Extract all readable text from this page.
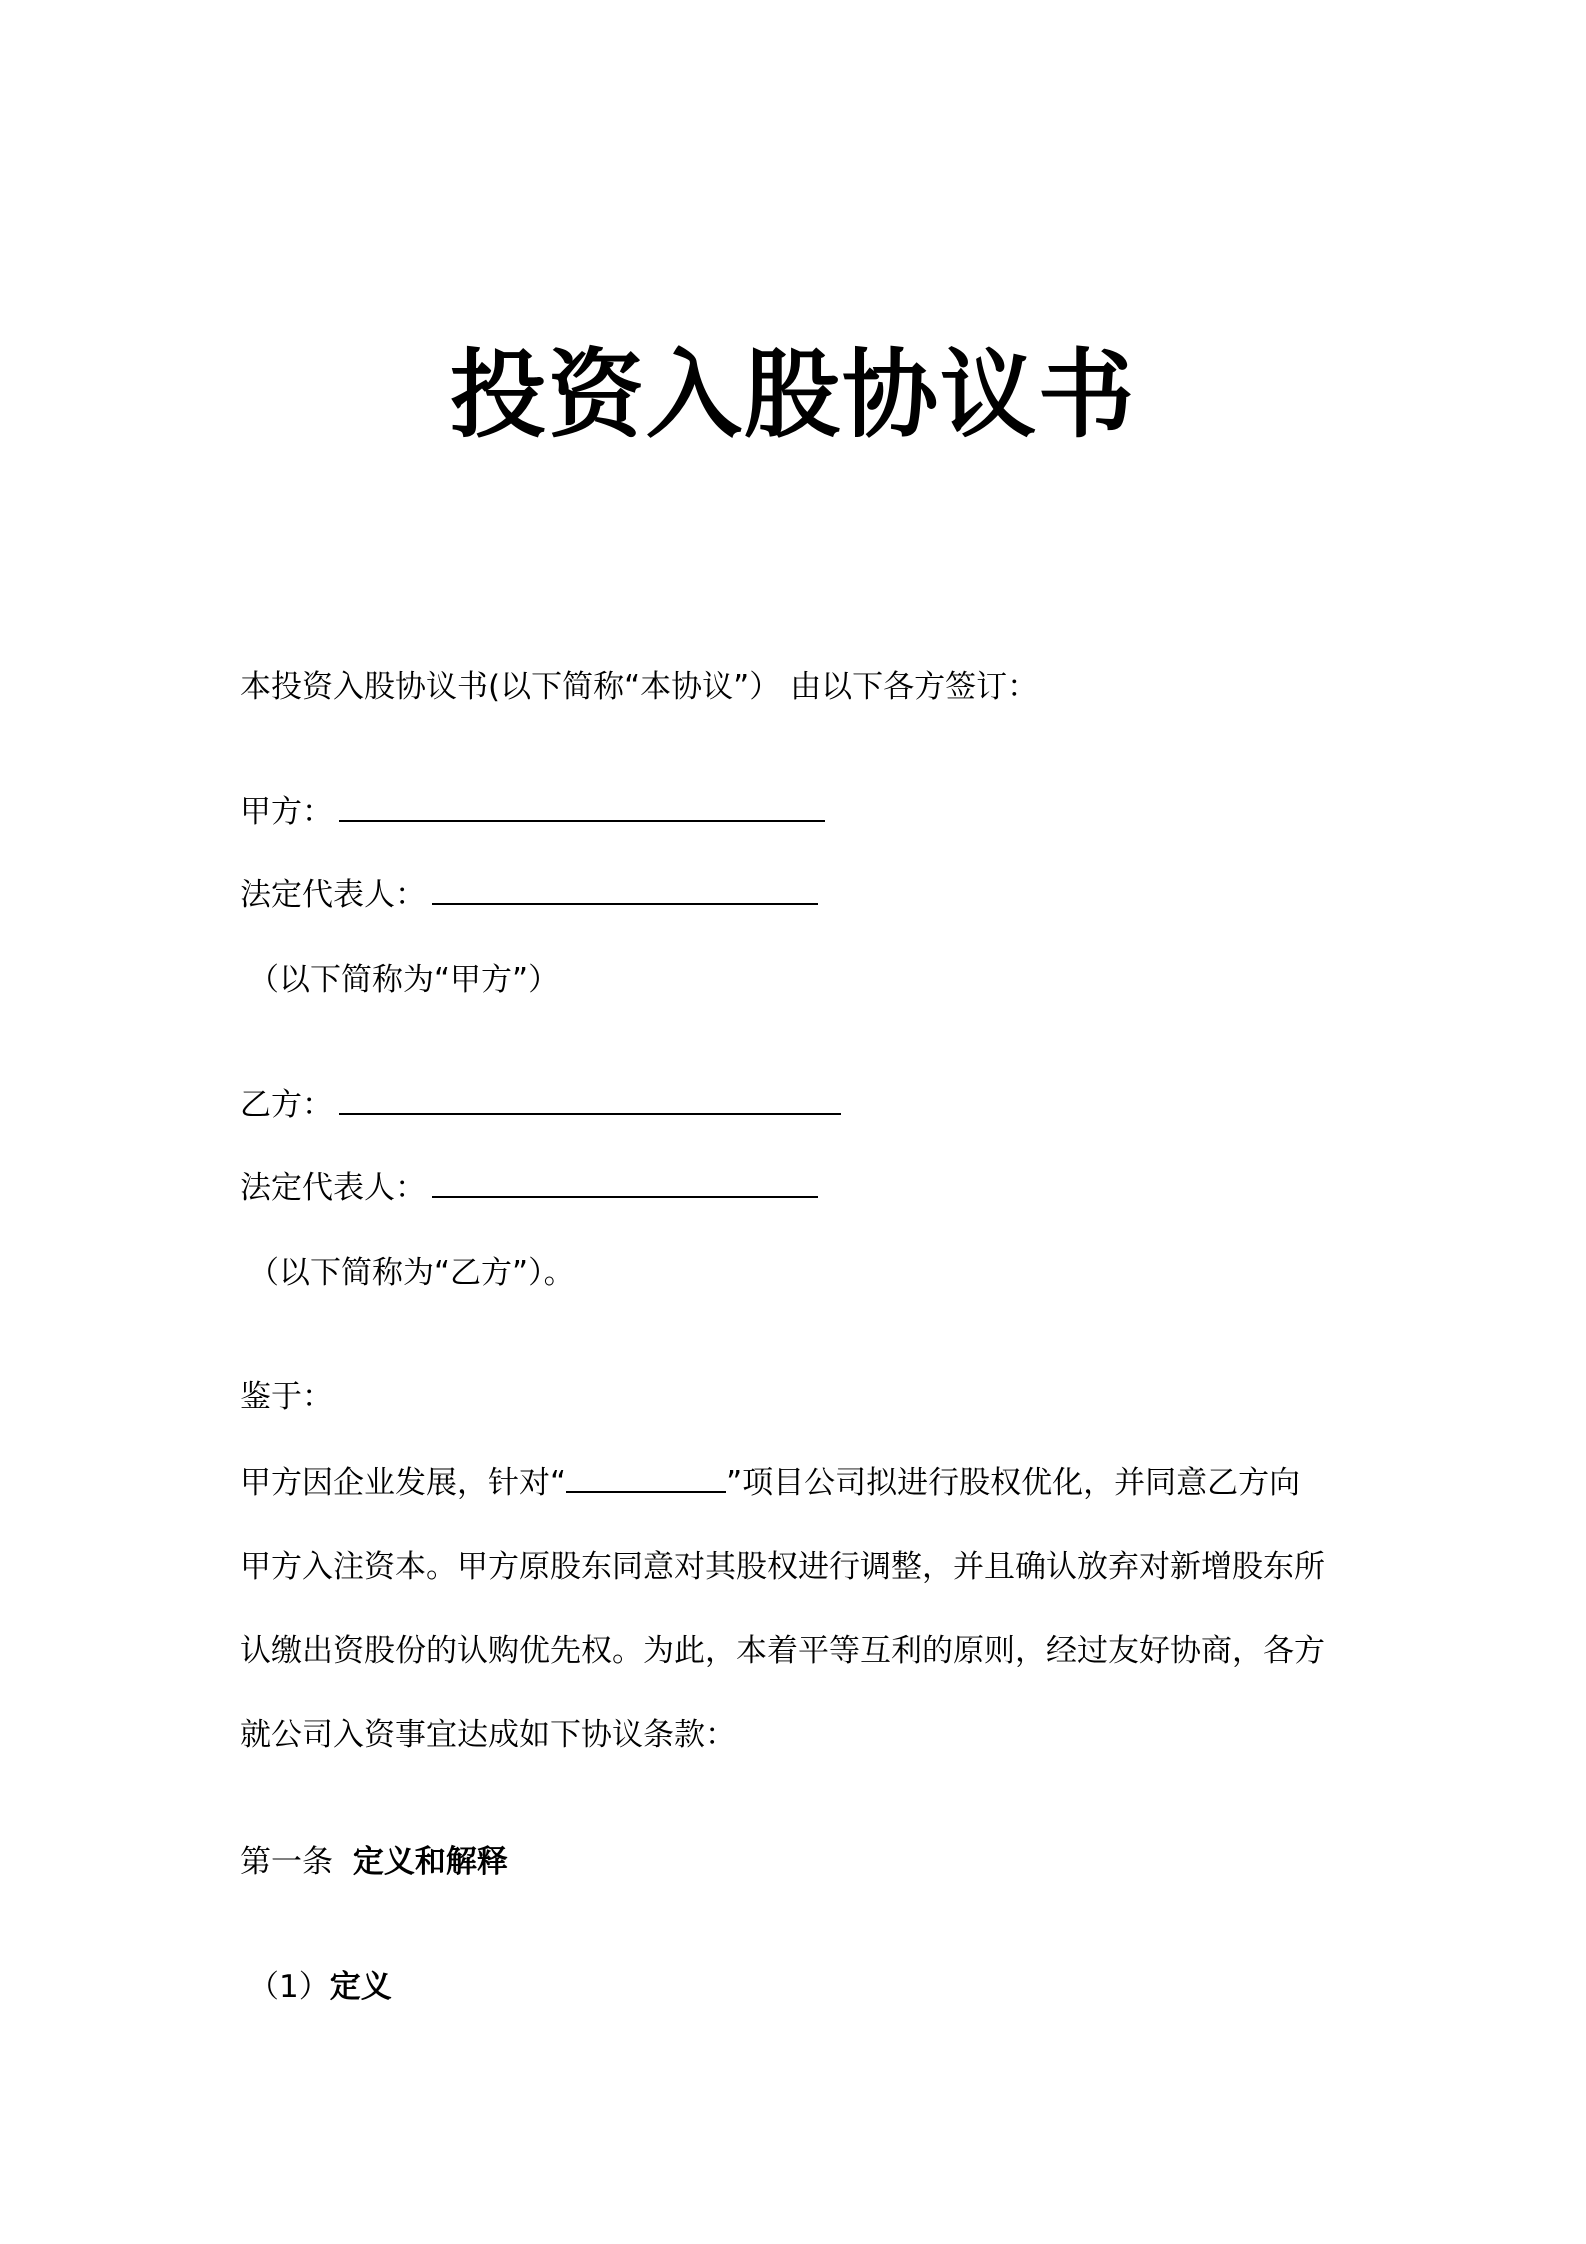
投资入股协议书
本投资入股协议书(以下简称“本协议”） 由以下各方签订：
甲方：
法定代表人：
（以下简称为“甲方”）
乙方：
法定代表人：
（以下简称为“乙方”）。
鉴于：
甲方因企业发展，针对“	”项目公司拟进行股权优化，并同意乙方向
甲方入注资本。甲方原股东同意对其股权进行调整，并且确认放弃对新增股东所
认缴出资股份的认购优先权。为此，本着平等互利的原则，经过友好协商，各方
就公司入资事宜达成如下协议条款：
第一条 定义和解释
（1）定义
